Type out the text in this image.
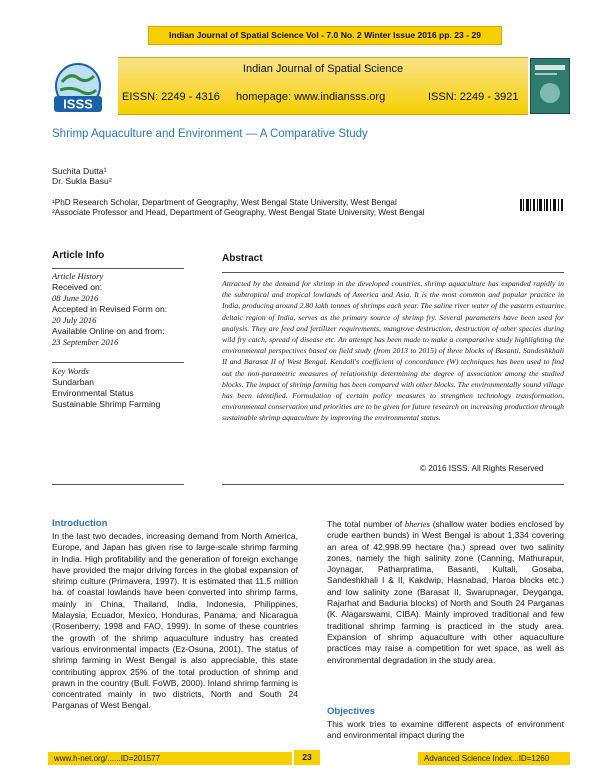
Indian Journal of Spatial Science Vol - 7.0 No. 2 Winter Issue 2016 pp. 23 - 29
ISSS
Indian Journal of Spatial Science
EISSN: 2249 - 4316 homepage: www.indiansss.org	ISSN: 2249 - 3921
Shrimp Aquaculture and Environment — A Comparative Study
Suchita Dutta¹
Dr. Sukla Basu²
¹PhD Research Scholar, Department of Geography, West Bengal State University, West Bengal
²Associate Professor and Head, Department of Geography, West Bengal State University, West Bengal
Article Info
Article History
Received on:
08 June 2016
Accepted in Revised Form on:
20 July 2016
Available Online on and from:
23 September 2016
Key Words
Sundarban
Environmental Status
Sustainable Shrimp Farming
Abstract
Attracted by the demand for shrimp in the developed countries, shrimp aquaculture has expanded rapidly in the subtropical and tropical lowlands of America and Asia. It is the most common and popular practice in India, producing around 2.80 lakh tonnes of shrimps each year. The saline river water of the eastern estuarine deltaic region of India, serves as the primary source of shrimp fry. Several parameters have been used for analysis. They are feed and fertilizer requirements, mangrove destruction, destruction of other species during wild fry catch, spread of disease etc. An attempt has been made to make a comparative study highlighting the environmental perspectives based on field study (from 2013 to 2015) of three blocks of Basanti, Sandeshkhali II and Barasat II of West Bengal. Kendall's coefficient of concordance (W) techniques has been used to find out the non-parametric measures of relationship determining the degree of association among the studied blocks. The impact of shrimp farming has been compared with other blocks. The environmentally sound village has been identified. Formulation of certain policy measures to strengthen technology transformation, environmental conservation and priorities are to be given for future research on increasing production through sustainable shrimp aquaculture by improving the environmental status.
© 2016 ISSS. All Rights Reserved
Introduction
In the last two decades, increasing demand from North America, Europe, and Japan has given rise to large-scale shrimp farming in India. High profitability and the generation of foreign exchange have provided the major driving forces in the global expansion of shrimp culture (Primavera, 1997). It is estimated that 11.5 million ha. of coastal lowlands have been converted into shrimp farms, mainly in China, Thailand, India, Indonesia, Philippines, Malaysia, Ecuador, Mexico, Honduras, Panama, and Nicaragua (Rosenberry, 1998 and FAO, 1999). In some of these countries the growth of the shrimp aquaculture industry has created various environmental impacts (Ez-Osuna, 2001). The status of shrimp farming in West Bengal is also appreciable, this state contributing approx 25% of the total production of shrimp and prawn in the country (Bull. FoWB, 2000). Inland shrimp farming is concentrated mainly in two districts, North and South 24 Parganas of West Bengal.
The total number of bheries (shallow water bodies enclosed by crude earthen bunds) in West Bengal is about 1,334 covering an area of 42,998.99 hectare (ha.) spread over two salinity zones, namely the high salinity zone (Canning, Mathurapur, Joynagar, Patharpratima, Basanti, Kultali, Gosaba, Sandeshkhali I & II, Kakdwip, Hasnabad, Haroa blocks etc.) and low salinity zone (Barasat II, Swarupnagar, Deyganga, Rajarhat and Baduria blocks) of North and South 24 Parganas (K. Alagarswami, CIBA). Mainly improved traditional and few traditional shrimp farming is practiced in the study area. Expansion of shrimp aquaculture with other aquaculture practices may raise a competition for wet space, as well as environmental degradation in the study area.
Objectives
This work tries to examine different aspects of environment and environmental impact during the
www.h-net.org/......ID=201577	23	Advanced Science Index...ID=1260
